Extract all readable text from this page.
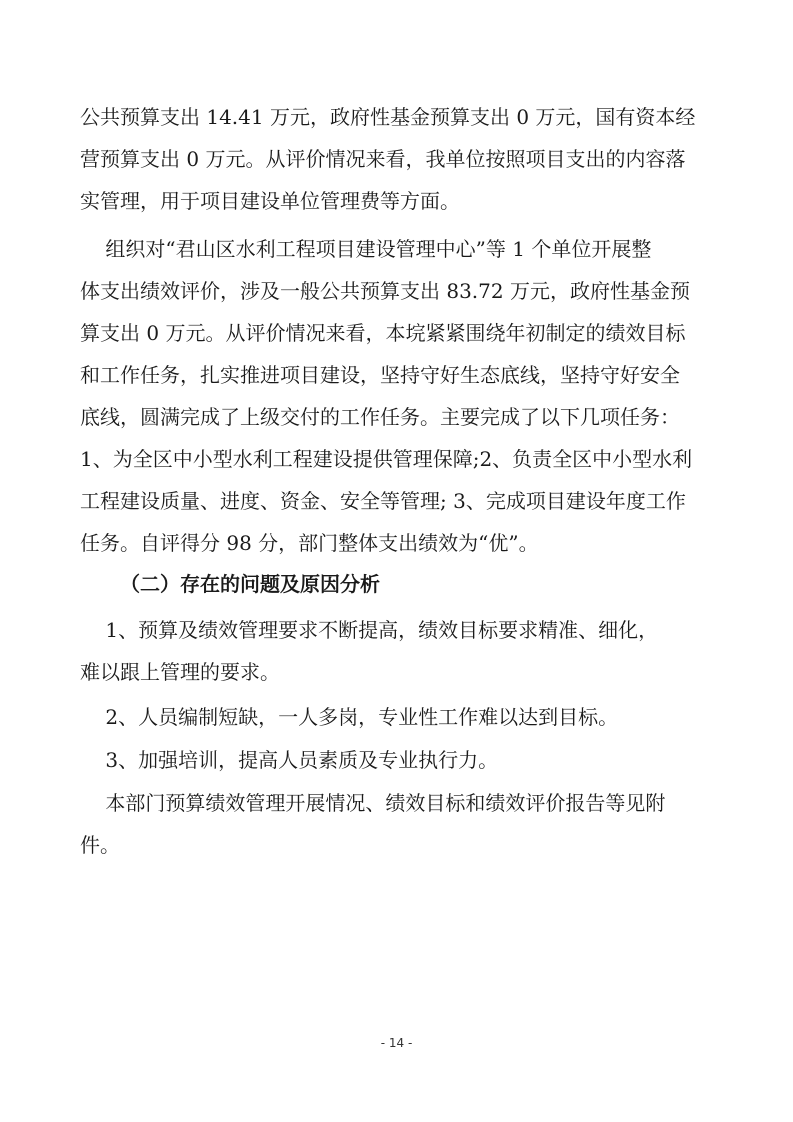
公共预算支出 14.41 万元，政府性基金预算支出 0 万元，国有资本经
营预算支出 0 万元。从评价情况来看，我单位按照项目支出的内容落
实管理，用于项目建设单位管理费等方面。
组织对“君山区水利工程项目建设管理中心”等 1 个单位开展整
体支出绩效评价，涉及一般公共预算支出 83.72 万元，政府性基金预
算支出 0 万元。从评价情况来看，本垸紧紧围绕年初制定的绩效目标
和工作任务，扎实推进项目建设，坚持守好生态底线，坚持守好安全
底线，圆满完成了上级交付的工作任务。主要完成了以下几项任务：
1、为全区中小型水利工程建设提供管理保障;2、负责全区中小型水利
工程建设质量、进度、资金、安全等管理; 3、完成项目建设年度工作
任务。自评得分 98 分，部门整体支出绩效为“优”。
（二）存在的问题及原因分析
1、预算及绩效管理要求不断提高，绩效目标要求精准、细化，
难以跟上管理的要求。
2、人员编制短缺，一人多岗，专业性工作难以达到目标。
3、加强培训，提高人员素质及专业执行力。
本部门预算绩效管理开展情况、绩效目标和绩效评价报告等见附
件。
- 14 -
